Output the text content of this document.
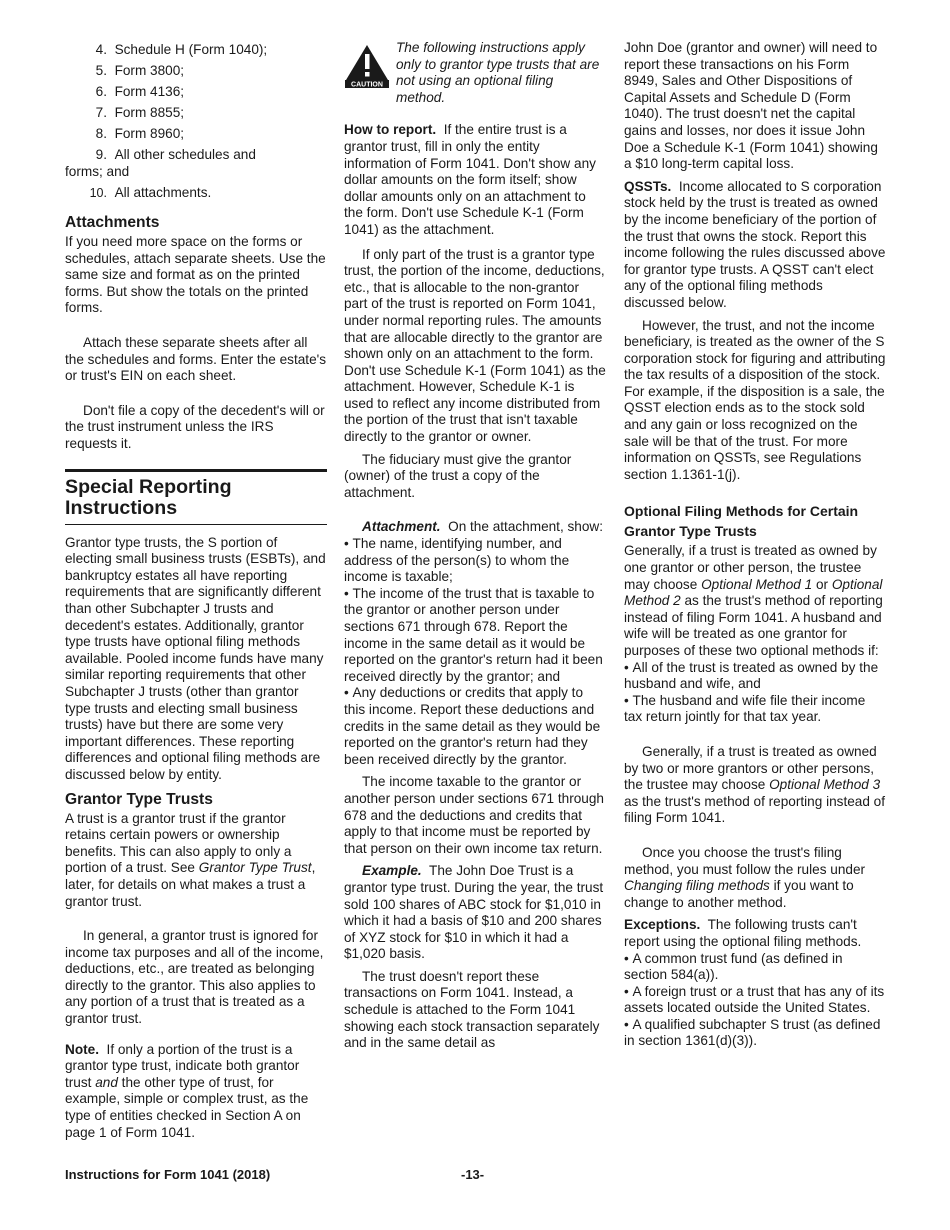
4. Schedule H (Form 1040);
5. Form 3800;
6. Form 4136;
7. Form 8855;
8. Form 8960;
9. All other schedules and
forms; and
10. All attachments.
Attachments

If you need more space on the forms or schedules, attach separate sheets. Use the same size and format as on the printed forms. But show the totals on the printed forms.

Attach these separate sheets after all the schedules and forms. Enter the estate's or trust's EIN on each sheet.

Don't file a copy of the decedent's will or the trust instrument unless the IRS requests it.

Special Reporting Instructions

Grantor type trusts, the S portion of electing small business trusts (ESBTs), and bankruptcy estates all have reporting requirements that are significantly different than other Subchapter J trusts and decedent's estates. Additionally, grantor type trusts have optional filing methods available. Pooled income funds have many similar reporting requirements that other Subchapter J trusts (other than grantor type trusts and electing small business trusts) have but there are some very important differences. These reporting differences and optional filing methods are discussed below by entity.

Grantor Type Trusts

A trust is a grantor trust if the grantor retains certain powers or ownership benefits. This can also apply to only a portion of a trust. See Grantor Type Trust, later, for details on what makes a trust a grantor trust.

In general, a grantor trust is ignored for income tax purposes and all of the income, deductions, etc., are treated as belonging directly to the grantor. This also applies to any portion of a trust that is treated as a grantor trust.

Note. If only a portion of the trust is a grantor type trust, indicate both grantor trust and the other type of trust, for example, simple or complex trust, as the type of entities checked in Section A on page 1 of Form 1041.

CAUTION

The following instructions apply only to grantor type trusts that are not using an optional filing method.

How to report. If the entire trust is a grantor trust, fill in only the entity information of Form 1041. Don't show any dollar amounts on the form itself; show dollar amounts only on an attachment to the form. Don't use Schedule K-1 (Form 1041) as the attachment.

If only part of the trust is a grantor type trust, the portion of the income, deductions, etc., that is allocable to the non-grantor part of the trust is reported on Form 1041, under normal reporting rules. The amounts that are allocable directly to the grantor are shown only on an attachment to the form. Don't use Schedule K-1 (Form 1041) as the attachment. However, Schedule K-1 is used to reflect any income distributed from the portion of the trust that isn't taxable directly to the grantor or owner.

The fiduciary must give the grantor (owner) of the trust a copy of the attachment.

Attachment. On the attachment, show:

• The name, identifying number, and address of the person(s) to whom the income is taxable;

• The income of the trust that is taxable to the grantor or another person under sections 671 through 678. Report the income in the same detail as it would be reported on the grantor's return had it been received directly by the grantor; and

• Any deductions or credits that apply to this income. Report these deductions and credits in the same detail as they would be reported on the grantor's return had they been received directly by the grantor.

The income taxable to the grantor or another person under sections 671 through 678 and the deductions and credits that apply to that income must be reported by that person on their own income tax return.

Example. The John Doe Trust is a grantor type trust. During the year, the trust sold 100 shares of ABC stock for $1,010 in which it had a basis of $10 and 200 shares of XYZ stock for $10 in which it had a $1,020 basis.

The trust doesn't report these transactions on Form 1041. Instead, a schedule is attached to the Form 1041 showing each stock transaction separately and in the same detail as

John Doe (grantor and owner) will need to report these transactions on his Form 8949, Sales and Other Dispositions of Capital Assets and Schedule D (Form 1040). The trust doesn't net the capital gains and losses, nor does it issue John Doe a Schedule K-1 (Form 1041) showing a $10 long-term capital loss.

QSSTs. Income allocated to S corporation stock held by the trust is treated as owned by the income beneficiary of the portion of the trust that owns the stock. Report this income following the rules discussed above for grantor type trusts. A QSST can't elect any of the optional filing methods discussed below.

However, the trust, and not the income beneficiary, is treated as the owner of the S corporation stock for figuring and attributing the tax results of a disposition of the stock. For example, if the disposition is a sale, the QSST election ends as to the stock sold and any gain or loss recognized on the sale will be that of the trust. For more information on QSSTs, see Regulations section 1.1361-1(j).

Optional Filing Methods for Certain Grantor Type Trusts

Generally, if a trust is treated as owned by one grantor or other person, the trustee may choose Optional Method 1 or Optional Method 2 as the trust's method of reporting instead of filing Form 1041. A husband and wife will be treated as one grantor for purposes of these two optional methods if:

• All of the trust is treated as owned by the husband and wife, and

• The husband and wife file their income tax return jointly for that tax year.

Generally, if a trust is treated as owned by two or more grantors or other persons, the trustee may choose Optional Method 3 as the trust's method of reporting instead of filing Form 1041.

Once you choose the trust's filing method, you must follow the rules under Changing filing methods if you want to change to another method.

Exceptions. The following trusts can't report using the optional filing methods.

• A common trust fund (as defined in section 584(a)).

• A foreign trust or a trust that has any of its assets located outside the United States.

• A qualified subchapter S trust (as defined in section 1361(d)(3)).

Instructions for Form 1041 (2018)	-13-
